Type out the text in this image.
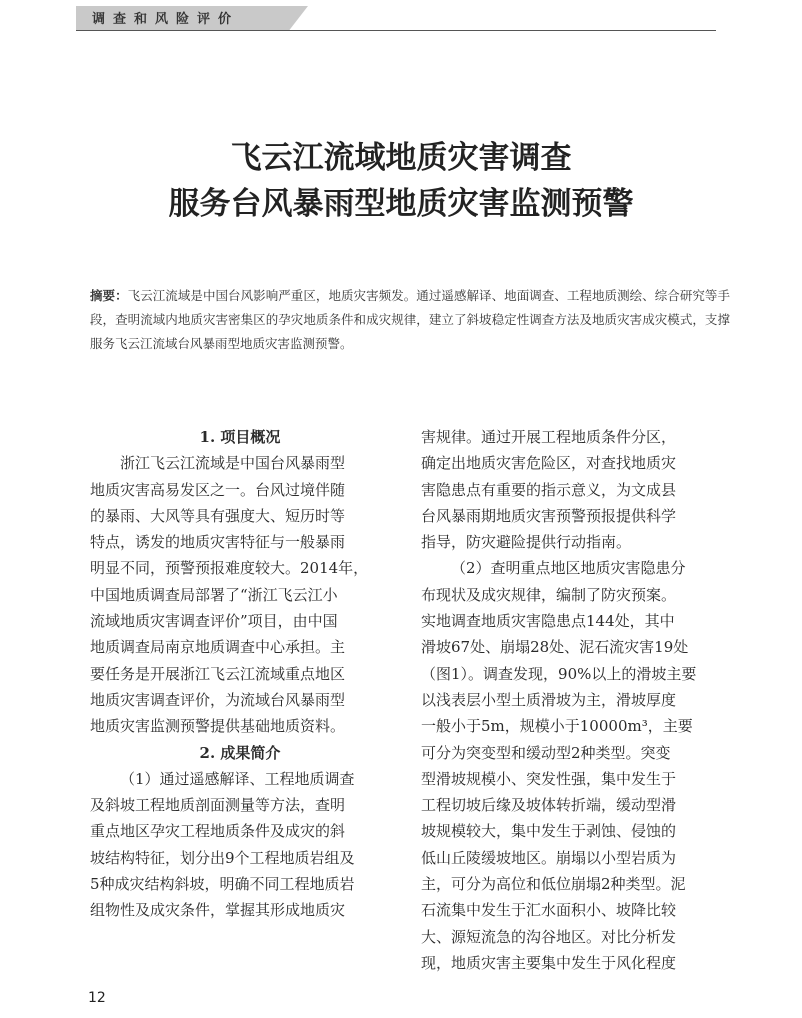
调查和风险评价
飞云江流域地质灾害调查
服务台风暴雨型地质灾害监测预警
摘要：飞云江流域是中国台风影响严重区，地质灾害频发。通过遥感解译、地面调查、工程地质测绘、综合研究等手段，查明流域内地质灾害密集区的孕灾地质条件和成灾规律，建立了斜坡稳定性调查方法及地质灾害成灾模式，支撑服务飞云江流域台风暴雨型地质灾害监测预警。

1. 项目概况

浙江飞云江流域是中国台风暴雨型

地质灾害高易发区之一。台风过境伴随

的暴雨、大风等具有强度大、短历时等

特点，诱发的地质灾害特征与一般暴雨

明显不同，预警预报难度较大。2014年，

中国地质调查局部署了“浙江飞云江小

流域地质灾害调查评价”项目，由中国

地质调查局南京地质调查中心承担。主

要任务是开展浙江飞云江流域重点地区

地质灾害调查评价，为流域台风暴雨型

地质灾害监测预警提供基础地质资料。

2. 成果简介

（1）通过遥感解译、工程地质调查

及斜坡工程地质剖面测量等方法，查明

重点地区孕灾工程地质条件及成灾的斜

坡结构特征，划分出9个工程地质岩组及

5种成灾结构斜坡，明确不同工程地质岩

组物性及成灾条件，掌握其形成地质灾

害规律。通过开展工程地质条件分区，

确定出地质灾害危险区，对查找地质灾

害隐患点有重要的指示意义，为文成县

台风暴雨期地质灾害预警预报提供科学

指导，防灾避险提供行动指南。

（2）查明重点地区地质灾害隐患分

布现状及成灾规律，编制了防灾预案。

实地调查地质灾害隐患点144处，其中

滑坡67处、崩塌28处、泥石流灾害19处

（图1）。调查发现，90%以上的滑坡主要

以浅表层小型土质滑坡为主，滑坡厚度

一般小于5m，规模小于10000m³，主要

可分为突变型和缓动型2种类型。突变

型滑坡规模小、突发性强，集中发生于

工程切坡后缘及坡体转折端，缓动型滑

坡规模较大，集中发生于剥蚀、侵蚀的

低山丘陵缓坡地区。崩塌以小型岩质为

主，可分为高位和低位崩塌2种类型。泥

石流集中发生于汇水面积小、坡降比较

大、源短流急的沟谷地区。对比分析发

现，地质灾害主要集中发生于风化程度

12
